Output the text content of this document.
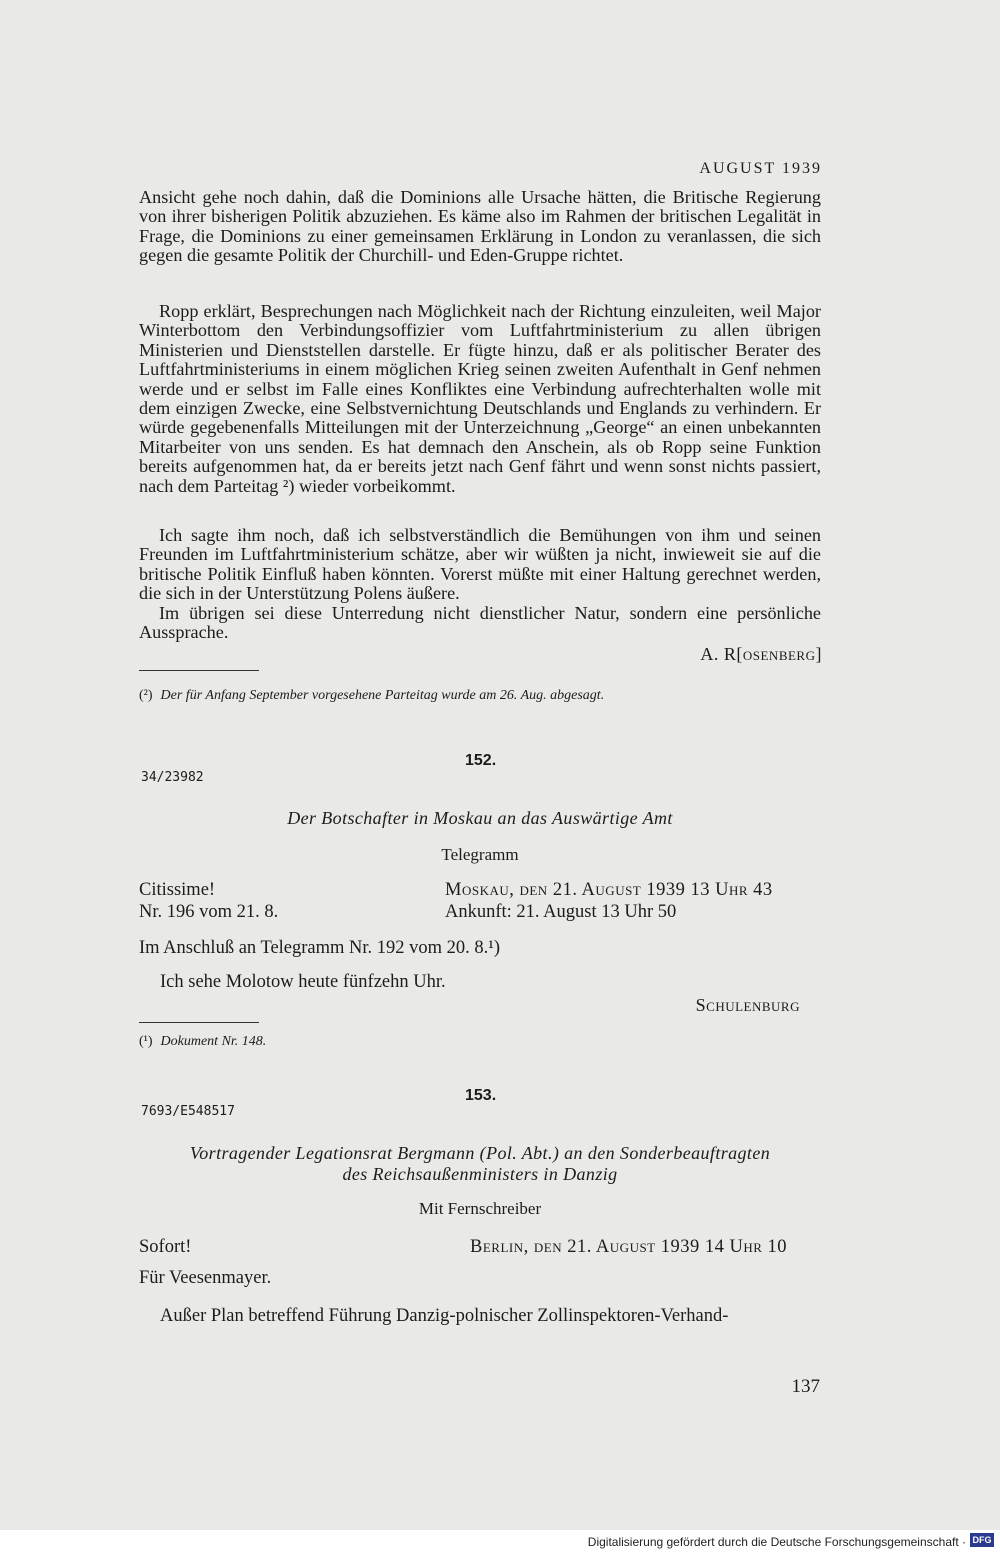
AUGUST 1939
Ansicht gehe noch dahin, daß die Dominions alle Ursache hätten, die Britische Regierung von ihrer bisherigen Politik abzuziehen. Es käme also im Rahmen der britischen Legalität in Frage, die Dominions zu einer gemeinsamen Erklärung in London zu veranlassen, die sich gegen die gesamte Politik der Churchill- und Eden-Gruppe richtet.
Ropp erklärt, Besprechungen nach Möglichkeit nach der Richtung einzuleiten, weil Major Winterbottom den Verbindungsoffizier vom Luftfahrtministerium zu allen übrigen Ministerien und Dienststellen darstelle. Er fügte hinzu, daß er als politischer Berater des Luftfahrtministeriums in einem möglichen Krieg seinen zweiten Aufenthalt in Genf nehmen werde und er selbst im Falle eines Konfliktes eine Verbindung aufrechterhalten wolle mit dem einzigen Zwecke, eine Selbstvernichtung Deutschlands und Englands zu verhindern. Er würde gegebenenfalls Mitteilungen mit der Unterzeichnung „George“ an einen unbekannten Mitarbeiter von uns senden. Es hat demnach den Anschein, als ob Ropp seine Funktion bereits aufgenommen hat, da er bereits jetzt nach Genf fährt und wenn sonst nichts passiert, nach dem Parteitag ²) wieder vorbeikommt.
Ich sagte ihm noch, daß ich selbstverständlich die Bemühungen von ihm und seinen Freunden im Luftfahrtministerium schätze, aber wir wüßten ja nicht, inwieweit sie auf die britische Politik Einfluß haben könnten. Vorerst müßte mit einer Haltung gerechnet werden, die sich in der Unterstützung Polens äußere.
Im übrigen sei diese Unterredung nicht dienstlicher Natur, sondern eine persönliche Aussprache.
A. R[osenberg]
(²) Der für Anfang September vorgesehene Parteitag wurde am 26. Aug. abgesagt.
152.
34/23982
Der Botschafter in Moskau an das Auswärtige Amt
Telegramm
Citissime!
Nr. 196 vom 21. 8.
Moskau, den 21. August 1939 13 Uhr 43
Ankunft: 21. August 13 Uhr 50
Im Anschluß an Telegramm Nr. 192 vom 20. 8.¹)
Ich sehe Molotow heute fünfzehn Uhr.
Schulenburg
(¹) Dokument Nr. 148.
153.
7693/E548517
Vortragender Legationsrat Bergmann (Pol. Abt.) an den Sonderbeauftragten
des Reichsaußenministers in Danzig
Mit Fernschreiber
Sofort!	Berlin, den 21. August 1939 14 Uhr 10
Für Veesenmayer.
Außer Plan betreffend Führung Danzig-polnischer Zollinspektoren-Verhand-
137
Digitalisierung gefördert durch die Deutsche Forschungsgemeinschaft · DFG
